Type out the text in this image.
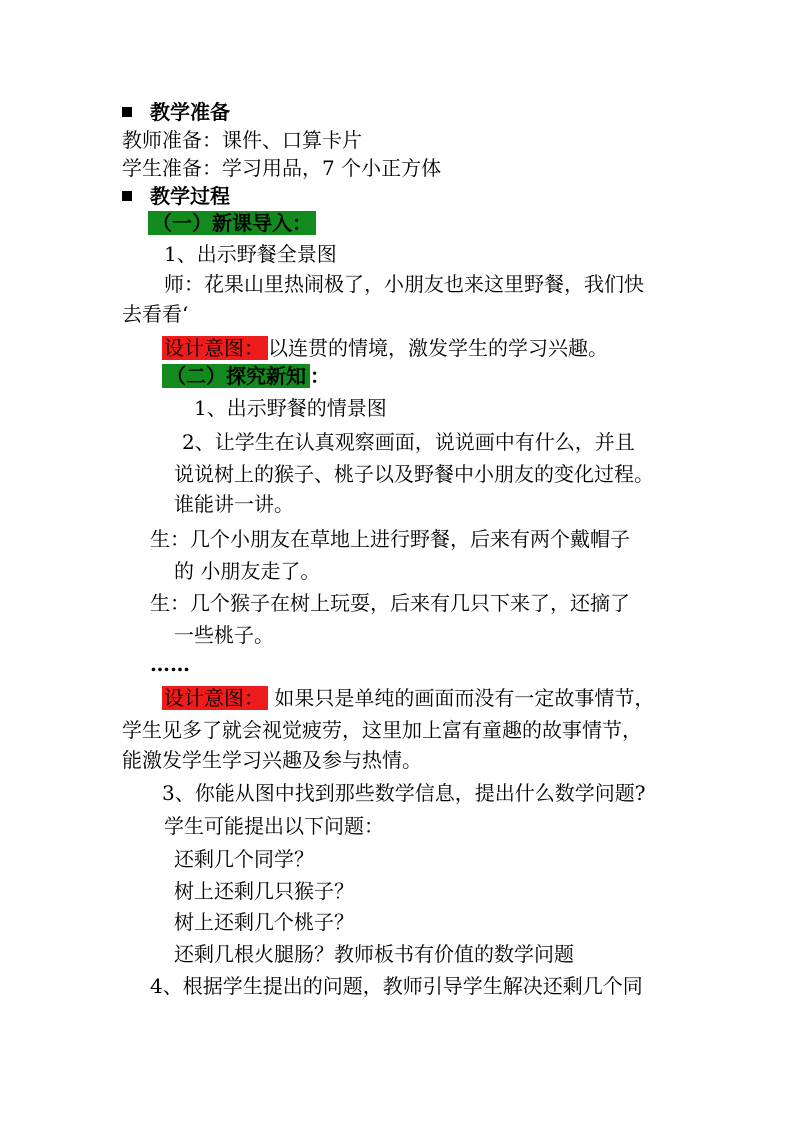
教学准备
教师准备：课件、口算卡片
学生准备：学习用品，7 个小正方体
教学过程
（一）新课导入：
1、出示野餐全景图
师：花果山里热闹极了，小朋友也来这里野餐，我们快
去看看‘
设计意图： 以连贯的情境，激发学生的学习兴趣。
（二）探究新知 ：
1、出示野餐的情景图
2、让学生在认真观察画面，说说画中有什么，并且
说说树上的猴子、桃子以及野餐中小朋友的变化过程。
谁能讲一讲。
生：几个小朋友在草地上进行野餐，后来有两个戴帽子
的 小朋友走了。
生：几个猴子在树上玩耍，后来有几只下来了，还摘了
一些桃子。
……
设计意图： 如果只是单纯的画面而没有一定故事情节，
学生见多了就会视觉疲劳，这里加上富有童趣的故事情节，
能激发学生学习兴趣及参与热情。
3、你能从图中找到那些数学信息，提出什么数学问题?
学生可能提出以下问题：
还剩几个同学？
树上还剩几只猴子？
树上还剩几个桃子？
还剩几根火腿肠？教师板书有价值的数学问题
4、根据学生提出的问题，教师引导学生解决还剩几个同
